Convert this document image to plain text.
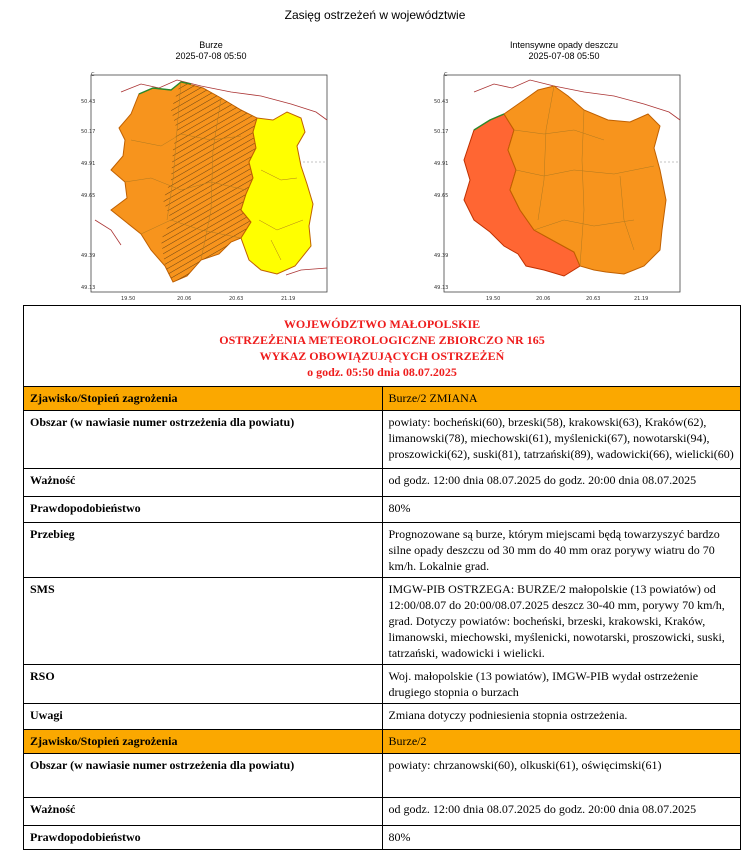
Zasięg ostrzeżeń w województwie
Burze
2025-07-08 05:50
C
50.43
50.17
49.91
49.65
49.39
49.13
19.50	20.06	20.63	21.19
Intensywne opady deszczu
2025-07-08 05:50
C
50.43
50.17
49.91
49.65
49.39
49.13
19.50	20.06	20.63	21.19
WOJEWÓDZTWO MAŁOPOLSKIE
OSTRZEŻENIA METEOROLOGICZNE ZBIORCZO NR 165
WYKAZ OBOWIĄZUJĄCYCH OSTRZEŻEŃ
o godz. 05:50 dnia 08.07.2025	

Zjawisko/Stopień zagrożenia	Burze/2 ZMIANA
Obszar (w nawiasie numer ostrzeżenia dla powiatu)	powiaty: bocheński(60), brzeski(58), krakowski(63), Kraków(62), limanowski(78), miechowski(61), myślenicki(67), nowotarski(94), proszowicki(62), suski(81), tatrzański(89), wadowicki(66), wielicki(60)
Ważność	od godz. 12:00 dnia 08.07.2025 do godz. 20:00 dnia 08.07.2025
Prawdopodobieństwo	80%
Przebieg	Prognozowane są burze, którym miejscami będą towarzyszyć bardzo silne opady deszczu od 30 mm do 40 mm oraz porywy wiatru do 70 km/h. Lokalnie grad.
SMS	IMGW-PIB OSTRZEGA: BURZE/2 małopolskie (13 powiatów) od 12:00/08.07 do 20:00/08.07.2025 deszcz 30-40 mm, porywy 70 km/h, grad. Dotyczy powiatów: bocheński, brzeski, krakowski, Kraków, limanowski, miechowski, myślenicki, nowotarski, proszowicki, suski, tatrzański, wadowicki i wielicki.
RSO	Woj. małopolskie (13 powiatów), IMGW-PIB wydał ostrzeżenie drugiego stopnia o burzach
Uwagi	Zmiana dotyczy podniesienia stopnia ostrzeżenia.
Zjawisko/Stopień zagrożenia	Burze/2
Obszar (w nawiasie numer ostrzeżenia dla powiatu)	powiaty: chrzanowski(60), olkuski(61), oświęcimski(61)
Ważność	od godz. 12:00 dnia 08.07.2025 do godz. 20:00 dnia 08.07.2025
Prawdopodobieństwo	80%
